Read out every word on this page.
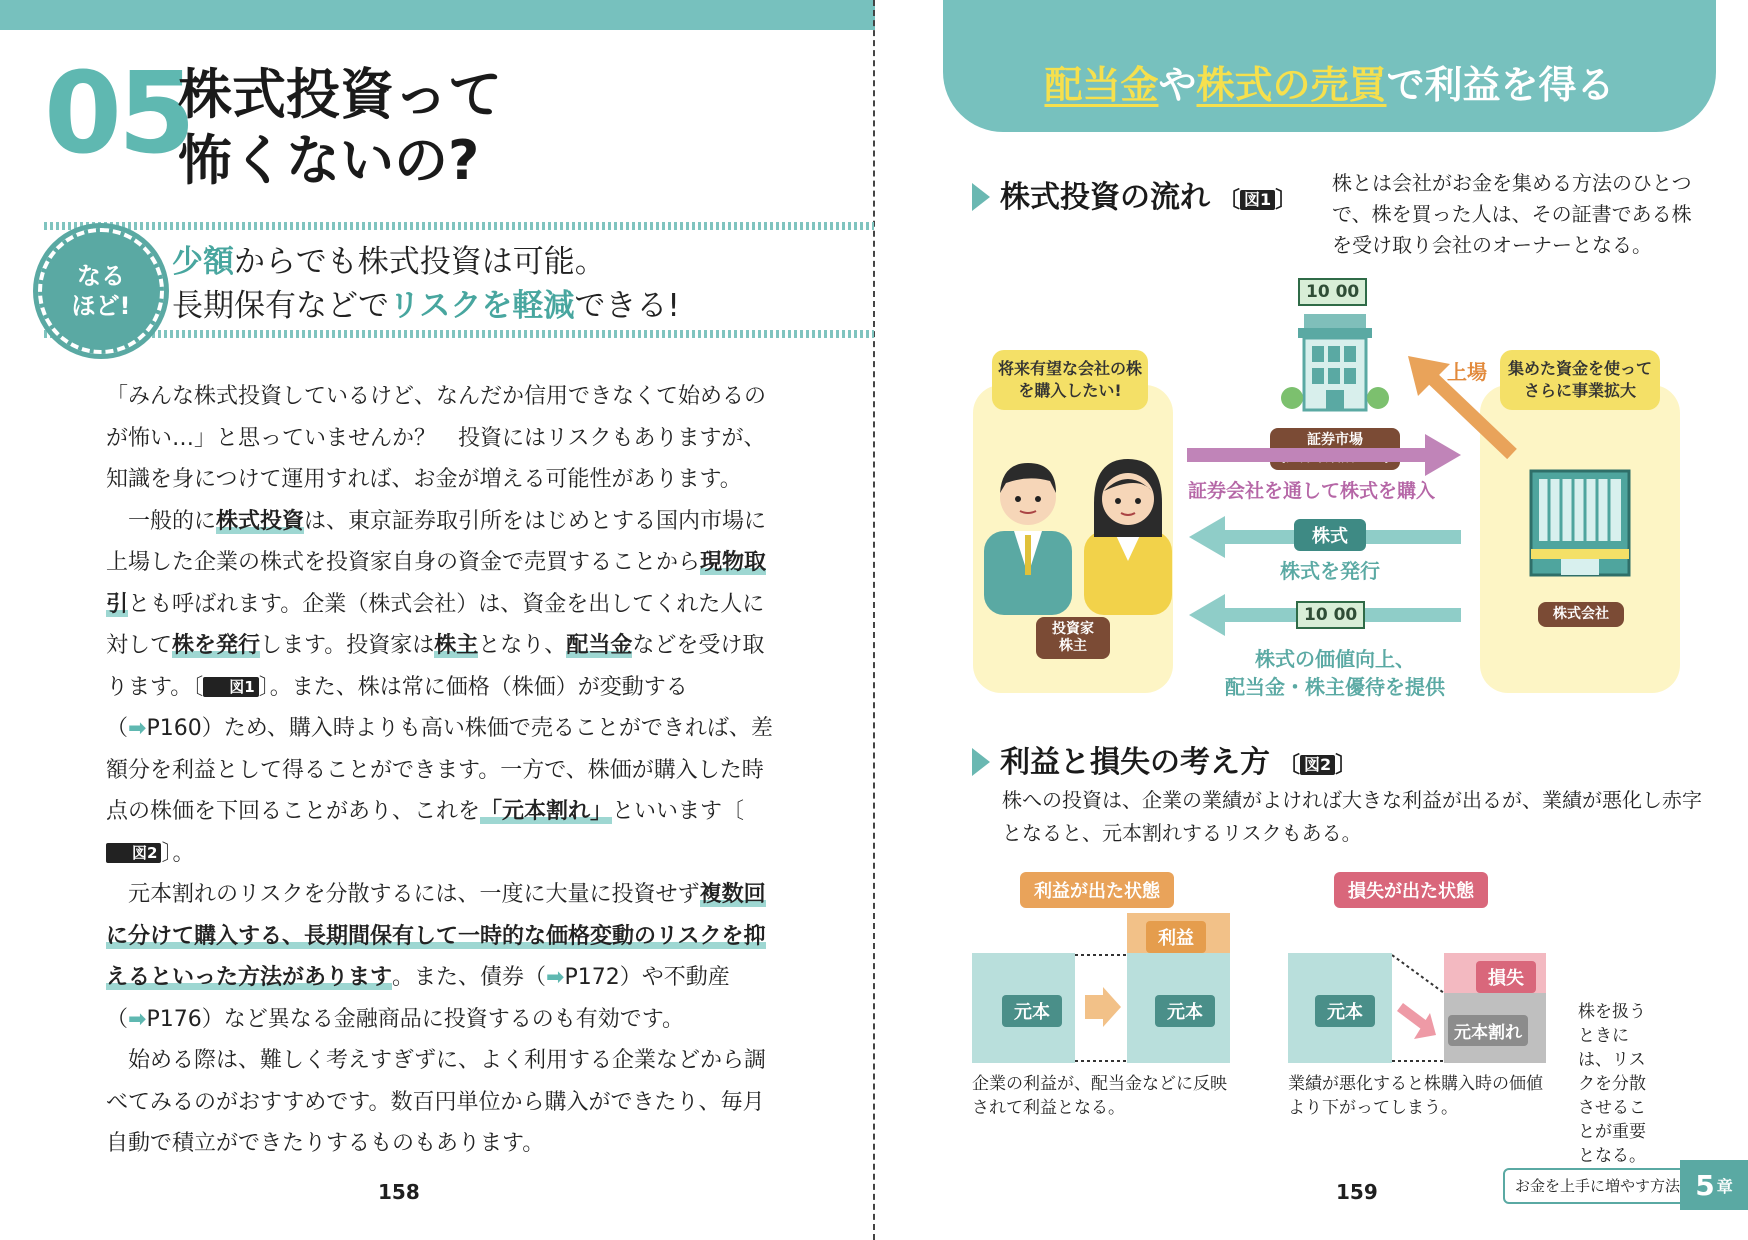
05
株式投資って
怖くないの?
なる
ほど!
少額からでも株式投資は可能。
長期保有などでリスクを軽減できる!

「みんな株式投資しているけど、なんだか信用できなくて始めるのが怖い…」と思っていませんか？　投資にはリスクもありますが、知識を身につけて運用すれば、お金が増える可能性があります。

一般的に株式投資は、東京証券取引所をはじめとする国内市場に上場した企業の株式を投資家自身の資金で売買することから現物取引とも呼ばれます。企業（株式会社）は、資金を出してくれた人に対して株を発行します。投資家は株主となり、配当金などを受け取ります。〔 図1 〕。また、株は常に価格（株価）が変動する（➡P160）ため、購入時よりも高い株価で売ることができれば、差額分を利益として得ることができます。一方で、株価が購入した時点の株価を下回ることがあり、これを「元本割れ」といいます〔図2 〕。

元本割れのリスクを分散するには、一度に大量に投資せず複数回に分けて購入する、長期間保有して一時的な価格変動のリスクを抑えるといった方法があります。また、債券（➡P172）や不動産（➡P176）など異なる金融商品に投資するのも有効です。

始める際は、難しく考えすぎずに、よく利用する企業などから調べてみるのがおすすめです。数百円単位から購入ができたり、毎月自動で積立ができたりするものもあります。

158
配当金 や 株式の売買 で利益を得る
株式投資の流れ 〔 図1 〕
株とは会社がお金を集める方法のひとつで、株を買った人は、その証書である株を受け取り会社のオーナーとなる。
将来有望な会社の株を購入したい!
集めた資金を使ってさらに事業拡大
投資家
株主
株式会社
10 00
証券市場
上場
証券会社を通して株式を購入
株式
株式を発行
10 00
株式の価値向上、
配当金・株主優待を提供
利益と損失の考え方 〔 図2 〕
株への投資は、企業の業績がよければ大きな利益が出るが、業績が悪化し赤字となると、元本割れするリスクもある。
利益が出た状態
元本
利益
元本
企業の利益が、配当金などに反映されて利益となる。
損失が出た状態
元本
損失
元本割れ
業績が悪化すると株購入時の価値より下がってしまう。
株を扱うときには、リスクを分散させることが重要となる。
159	お金を上手に増やす方法 5 章
